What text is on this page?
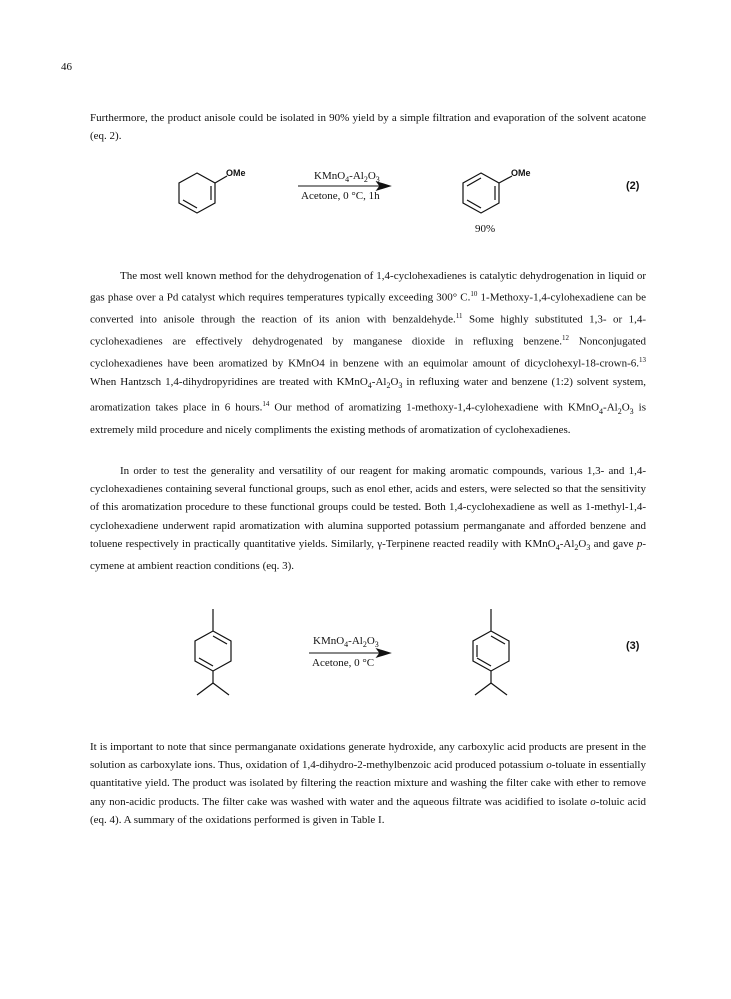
46

Furthermore, the product anisole could be isolated in 90% yield by a simple filtration and evaporation of the solvent acatone (eq. 2).

OMe	$KMnO_4-Al_2O_3$
Acetone, 0 °C, 1h
OMe
(2)
90%

The most well known method for the dehydrogenation of 1,4-cyclohexadienes is catalytic dehydrogenation in liquid or gas phase over a Pd catalyst which requires temperatures typically exceeding 300° C.$^{10}$ 1-Methoxy-1,4-cylohexadiene can be converted into anisole through the reaction of its anion with benzaldehyde.$^{11}$ Some highly substituted 1,3- or 1,4-cyclohexadienes are effectively dehydrogenated by manganese dioxide in refluxing benzene.$^{12}$ Nonconjugated cyclohexadienes have been aromatized by KMnO4 in benzene with an equimolar amount of dicyclohexyl-18-crown-6.13 When Hantzsch 1,4-dihydropyridines are treated with $KMnO_4-Al_2O_3$ in refluxing water and benzene (1:2) solvent system, aromatization takes place in 6 hours.$^{14}$ Our method of aromatizing 1-methoxy-1,4-cylohexadiene with $KMnO_4-Al_2O_3$ is extremely mild procedure and nicely compliments the existing methods of aromatization of cyclohexadienes.

In order to test the generality and versatility of our reagent for making aromatic compounds, various 1,3- and 1,4-cyclohexadienes containing several functional groups, such as enol ether, acids and esters, were selected so that the sensitivity of this aromatization procedure to these functional groups could be tested. Both 1,4-cyclohexadiene as well as 1-methyl-1,4-cyclohexadiene underwent rapid aromatization with alumina supported potassium permanganate and afforded benzene and toluene respectively in practically quantitative yields. Similarly, γ-Terpinene reacted readily with $KMnO_4-Al_2O_3$ and gave p-cymene at ambient reaction conditions (eq. 3).

$KMnO_4-Al_2O_3$
Acetone, 0 °C
(3)

It is important to note that since permanganate oxidations generate hydroxide, any carboxylic acid products are present in the solution as carboxylate ions. Thus, oxidation of 1,4-dihydro-2-methylbenzoic acid produced potassium o-toluate in essentially quantitative yield. The product was isolated by filtering the reaction mixture and washing the filter cake with ether to remove any non-acidic products. The filter cake was washed with water and the aqueous filtrate was acidified to isolate o-toluic acid (eq. 4). A summary of the oxidations performed is given in Table I.
